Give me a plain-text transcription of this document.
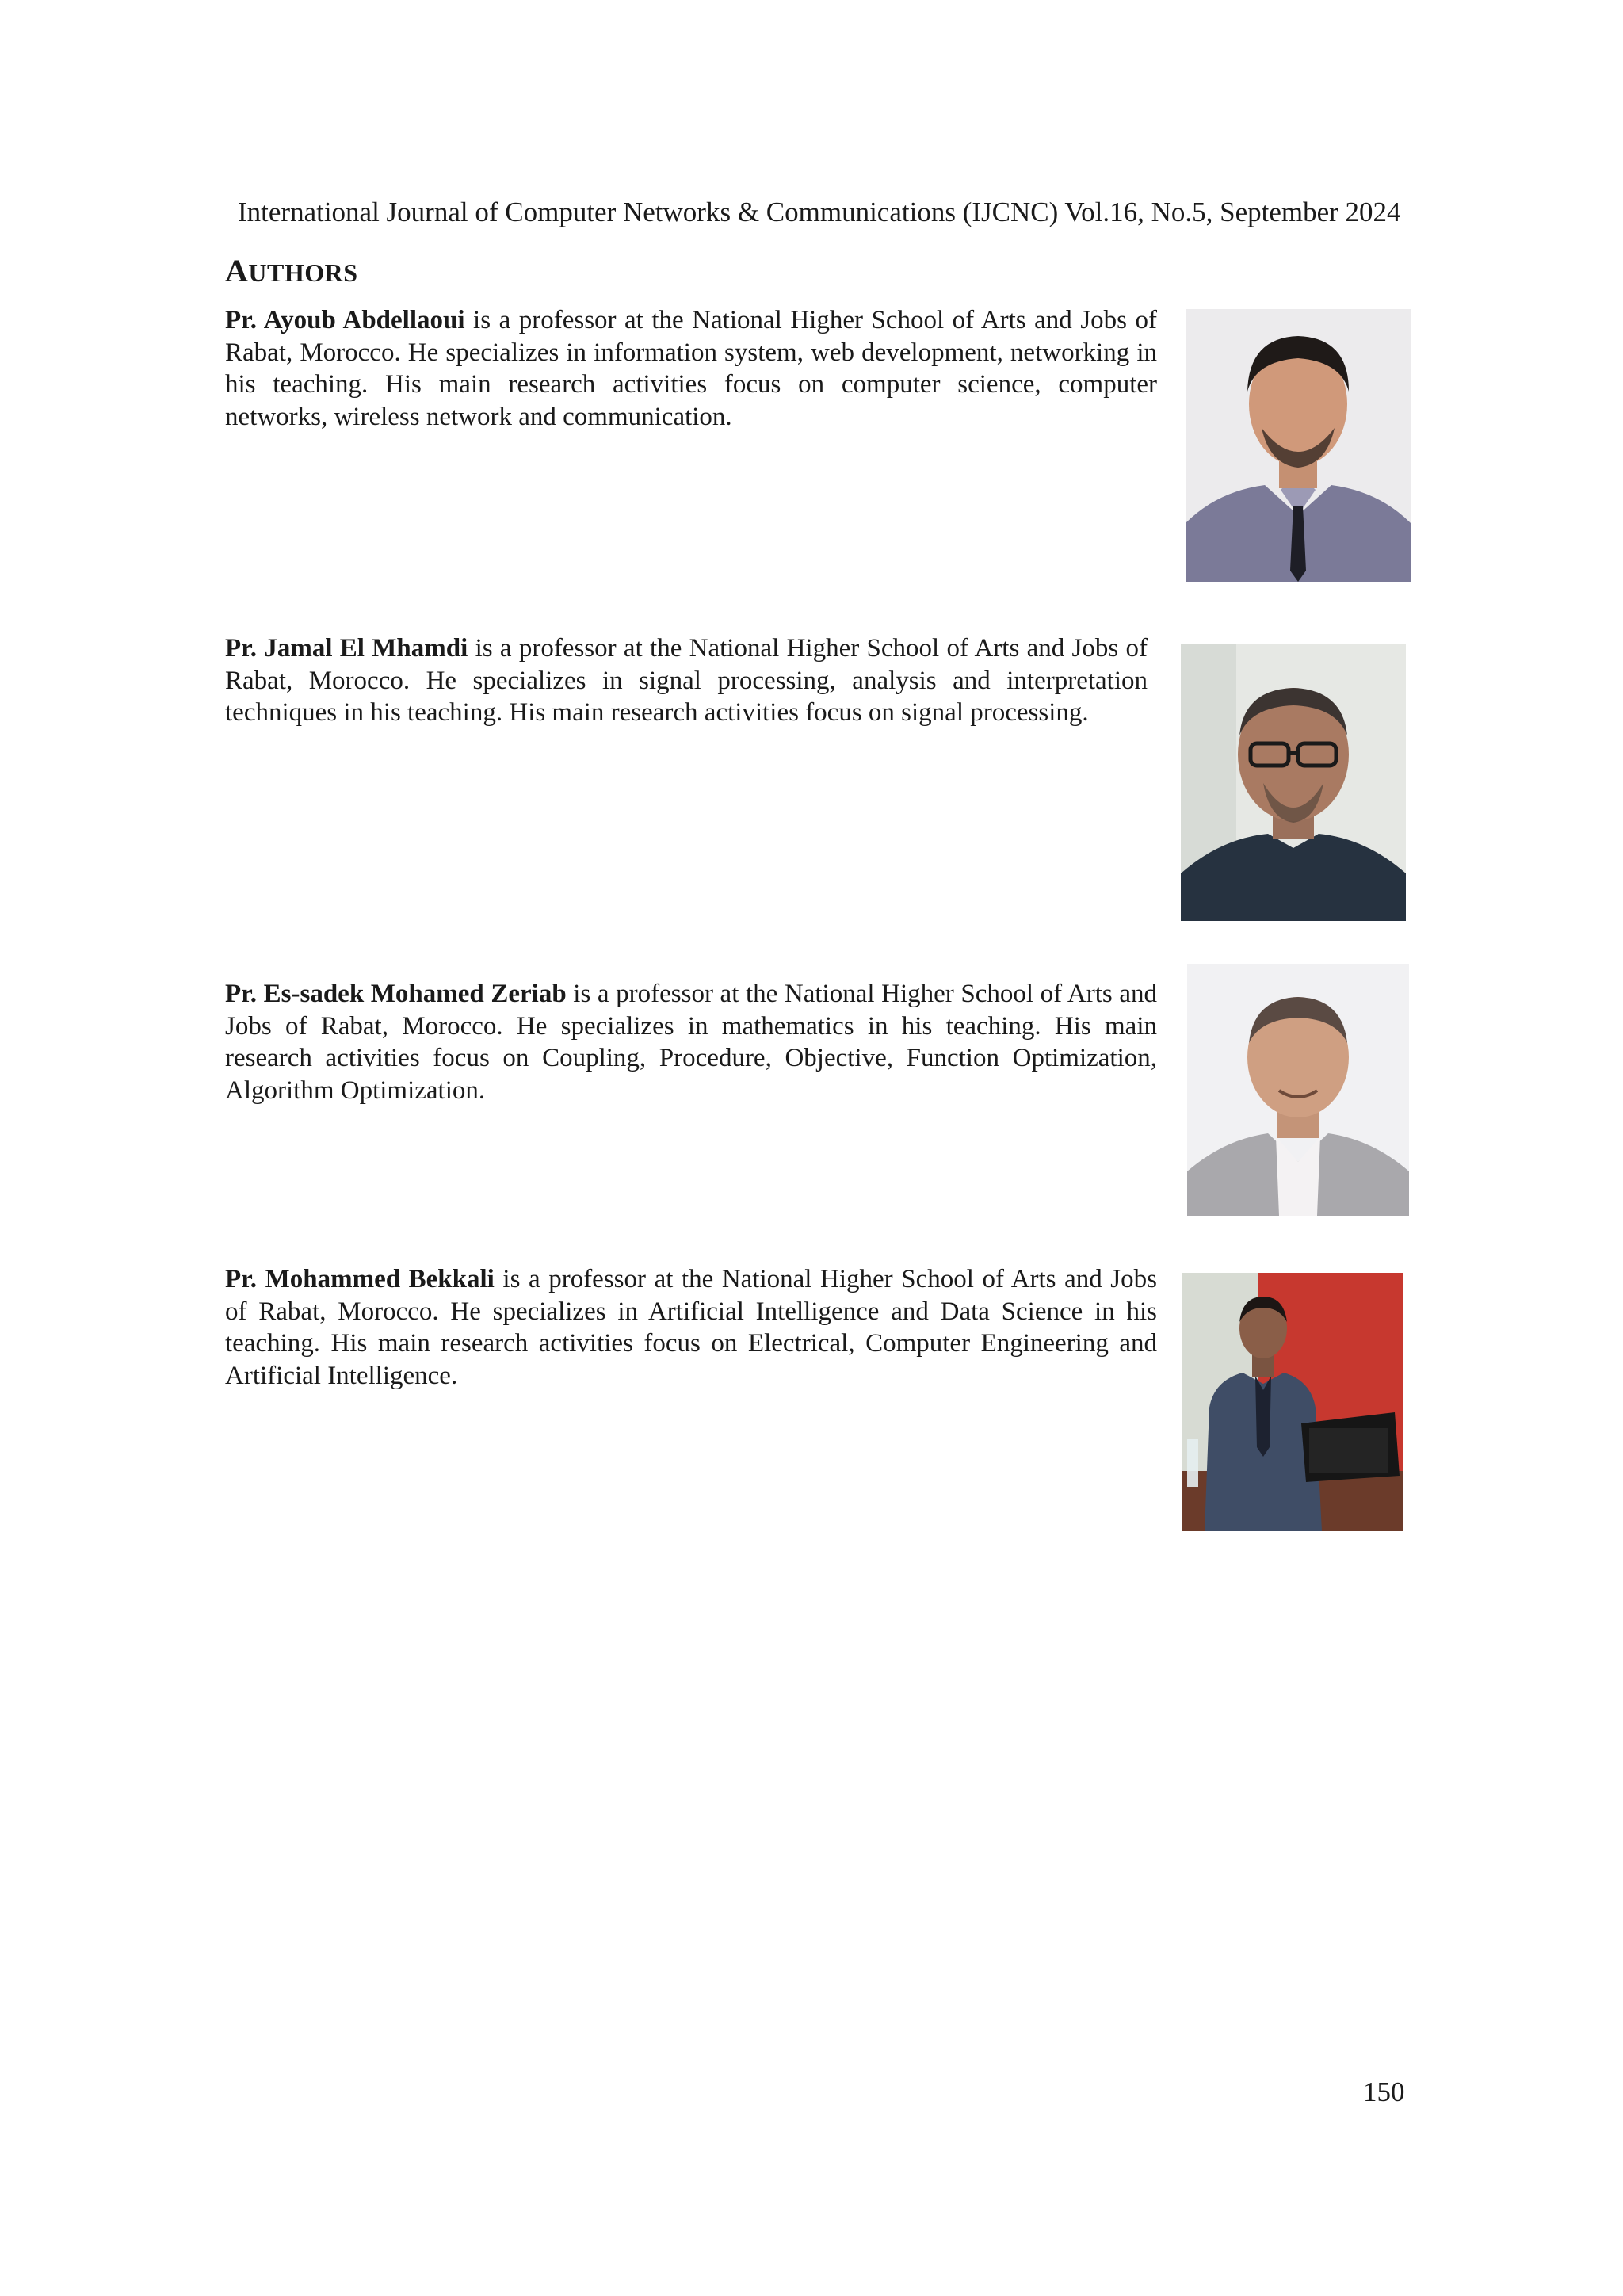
International Journal of Computer Networks & Communications (IJCNC) Vol.16, No.5, September 2024
AUTHORS

Pr. Ayoub Abdellaoui is a professor at the National Higher School of Arts and Jobs of Rabat, Morocco. He specializes in information system, web development, networking in his teaching. His main research activities focus on computer science, computer networks, wireless network and communication.

Pr. Jamal El Mhamdi is a professor at the National Higher School of Arts and Jobs of Rabat, Morocco. He specializes in signal processing, analysis and interpretation techniques in his teaching. His main research activities focus on signal processing.

Pr. Es-sadek Mohamed Zeriab is a professor at the National Higher School of Arts and Jobs of Rabat, Morocco. He specializes in mathematics in his teaching. His main research activities focus on Coupling, Procedure, Objective, Function Optimization, Algorithm Optimization.

Pr. Mohammed Bekkali is a professor at the National Higher School of Arts and Jobs of Rabat, Morocco. He specializes in Artificial Intelligence and Data Science in his teaching. His main research activities focus on Electrical, Computer Engineering and Artificial Intelligence.

150
